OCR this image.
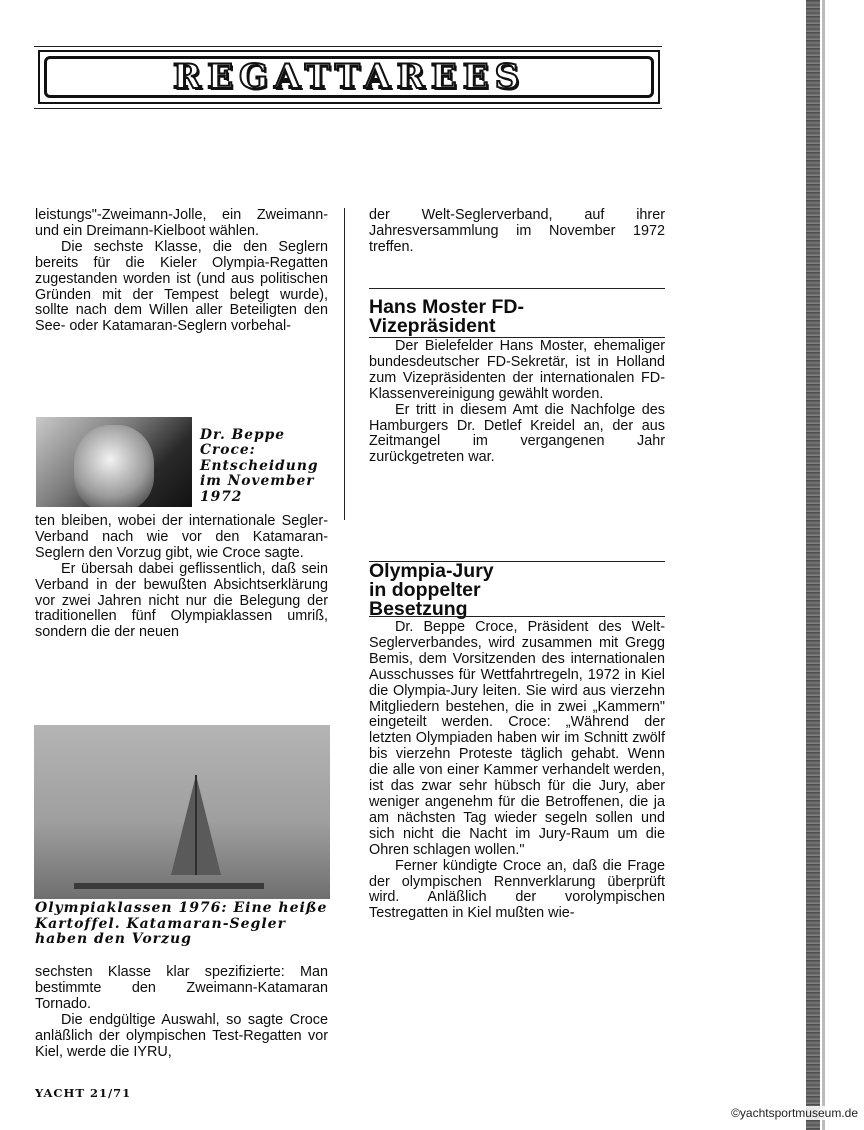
REGATTAREES

leistungs"-Zweimann-Jolle, ein Zweimann-und ein Dreimann-Kielboot wählen.

Die sechste Klasse, die den Seglern bereits für die Kieler Olympia-Regatten zugestanden worden ist (und aus politischen Gründen mit der Tempest belegt wurde), sollte nach dem Willen aller Beteiligten den See- oder Katamaran-Seglern vorbehal-

Dr. Beppe Croce: Entscheidung im November 1972

ten bleiben, wobei der internationale Segler-Verband nach wie vor den Katamaran-Seglern den Vorzug gibt, wie Croce sagte.

Er übersah dabei geflissentlich, daß sein Verband in der bewußten Absichtserklärung vor zwei Jahren nicht nur die Belegung der traditionellen fünf Olympiaklassen umriß, sondern die der neuen

Olympiaklassen 1976: Eine heiße Kartoffel. Katamaran-Segler haben den Vorzug

sechsten Klasse klar spezifizierte: Man bestimmte den Zweimann-Katamaran Tornado.

Die endgültige Auswahl, so sagte Croce anläßlich der olympischen Test-Regatten vor Kiel, werde die IYRU,

YACHT 21/71

der Welt-Seglerverband, auf ihrer Jahresversammlung im November 1972 treffen.

Hans Moster FD-
Vizepräsident

Der Bielefelder Hans Moster, ehemaliger bundesdeutscher FD-Sekretär, ist in Holland zum Vizepräsidenten der internationalen FD-Klassenvereinigung gewählt worden.

Er tritt in diesem Amt die Nachfolge des Hamburgers Dr. Detlef Kreidel an, der aus Zeitmangel im vergangenen Jahr zurückgetreten war.

Olympia-Jury
in doppelter
Besetzung

Dr. Beppe Croce, Präsident des Welt-Seglerverbandes, wird zusammen mit Gregg Bemis, dem Vorsitzenden des internationalen Ausschusses für Wettfahrtregeln, 1972 in Kiel die Olympia-Jury leiten. Sie wird aus vierzehn Mitgliedern bestehen, die in zwei „Kammern" eingeteilt werden. Croce: „Während der letzten Olympiaden haben wir im Schnitt zwölf bis vierzehn Proteste täglich gehabt. Wenn die alle von einer Kammer verhandelt werden, ist das zwar sehr hübsch für die Jury, aber weniger angenehm für die Betroffenen, die ja am nächsten Tag wieder segeln sollen und sich nicht die Nacht im Jury-Raum um die Ohren schlagen wollen."

Ferner kündigte Croce an, daß die Frage der olympischen Rennverklarung überprüft wird. Anläßlich der vorolympischen Testregatten in Kiel mußten wie-

©yachtsportmuseum.de
